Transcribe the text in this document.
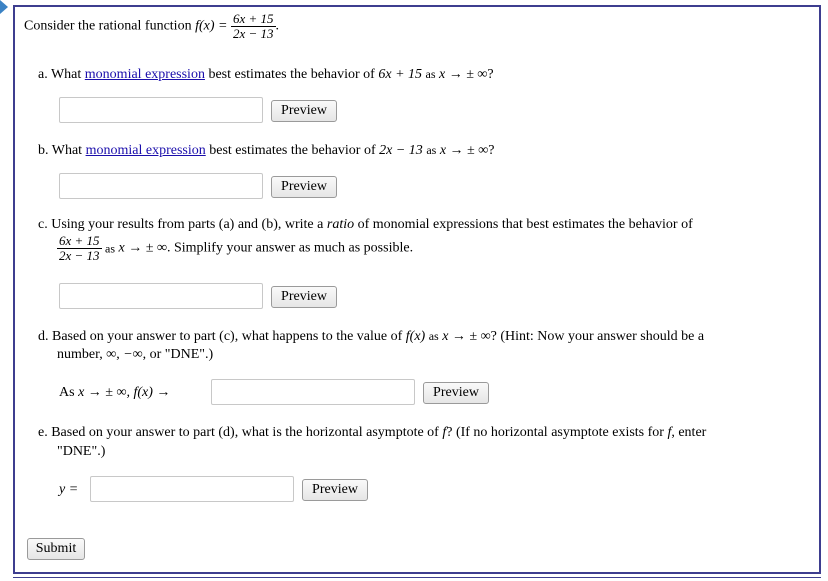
Consider the rational function $f(x) = \frac{6x + 15}{2x - 13}$ .
a. What monomial expression best estimates the behavior of 6x + 15 as x → ± ∞?
Preview
b. What monomial expression best estimates the behavior of 2x − 13 as x → ± ∞?
Preview
c. Using your results from parts (a) and (b), write a ratio of monomial expressions that best estimates the behavior of
$\frac{6x + 15}{2x - 13}$ as x → ± ∞. Simplify your answer as much as possible.
Preview
d. Based on your answer to part (c), what happens to the value of f(x) as x → ± ∞? (Hint: Now your answer should be a
number, ∞, −∞, or "DNE".)
As x → ± ∞, f(x) →	Preview
e. Based on your answer to part (d), what is the horizontal asymptote of f? (If no horizontal asymptote exists for f, enter
"DNE".)
y =	Preview
Submit
